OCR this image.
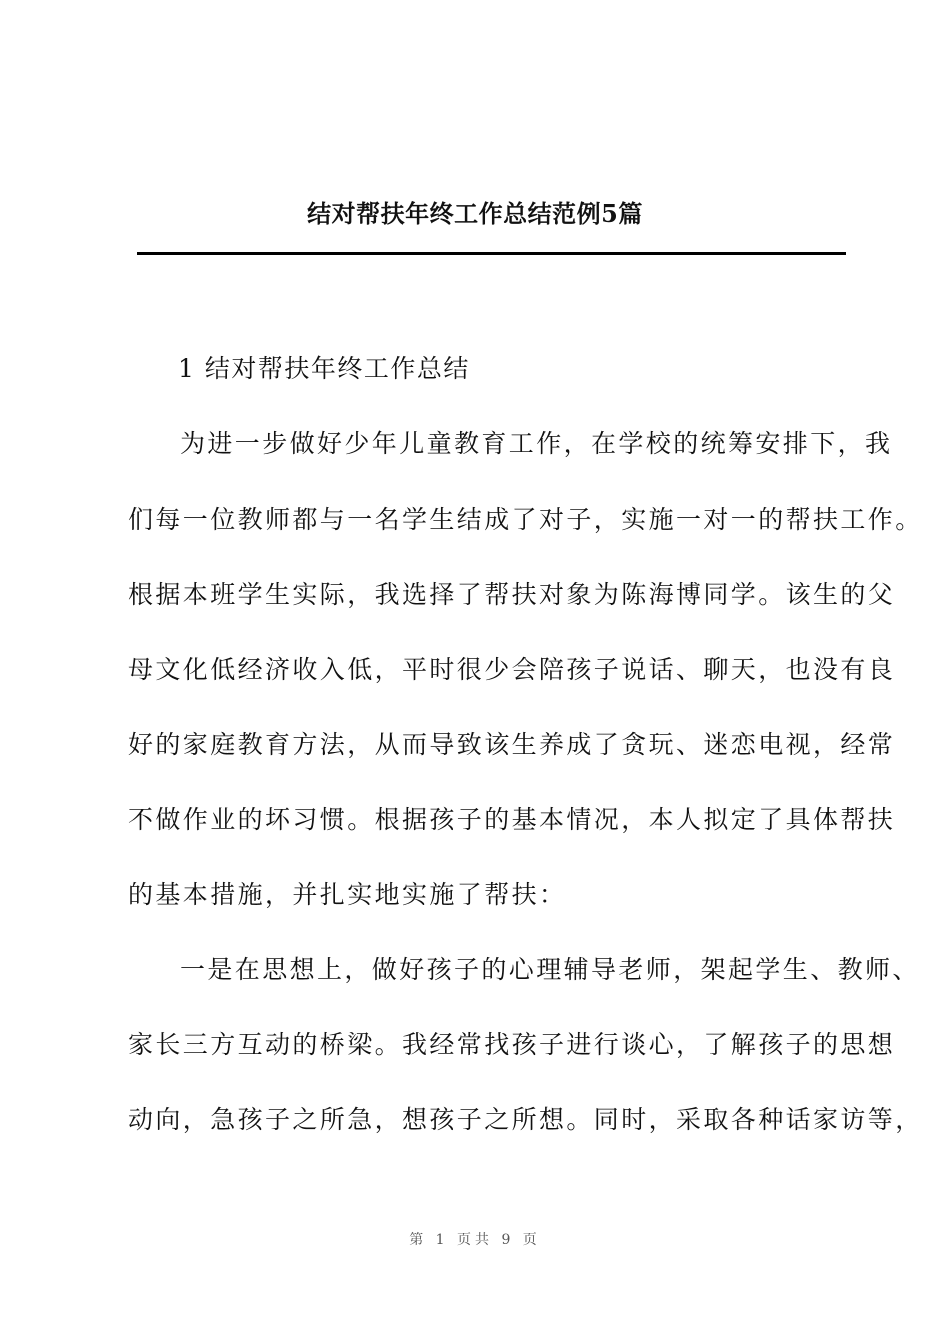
结对帮扶年终工作总结范例5篇
1 结对帮扶年终工作总结
为进一步做好少年儿童教育工作，在学校的统筹安排下，我
们每一位教师都与一名学生结成了对子，实施一对一的帮扶工作。
根据本班学生实际，我选择了帮扶对象为陈海博同学。该生的父
母文化低经济收入低，平时很少会陪孩子说话、聊天，也没有良
好的家庭教育方法，从而导致该生养成了贪玩、迷恋电视，经常
不做作业的坏习惯。根据孩子的基本情况，本人拟定了具体帮扶
的基本措施，并扎实地实施了帮扶：
一是在思想上，做好孩子的心理辅导老师，架起学生、教师、
家长三方互动的桥梁。我经常找孩子进行谈心，了解孩子的思想
动向，急孩子之所急，想孩子之所想。同时，采取各种话家访等，
第 1 页共 9 页
